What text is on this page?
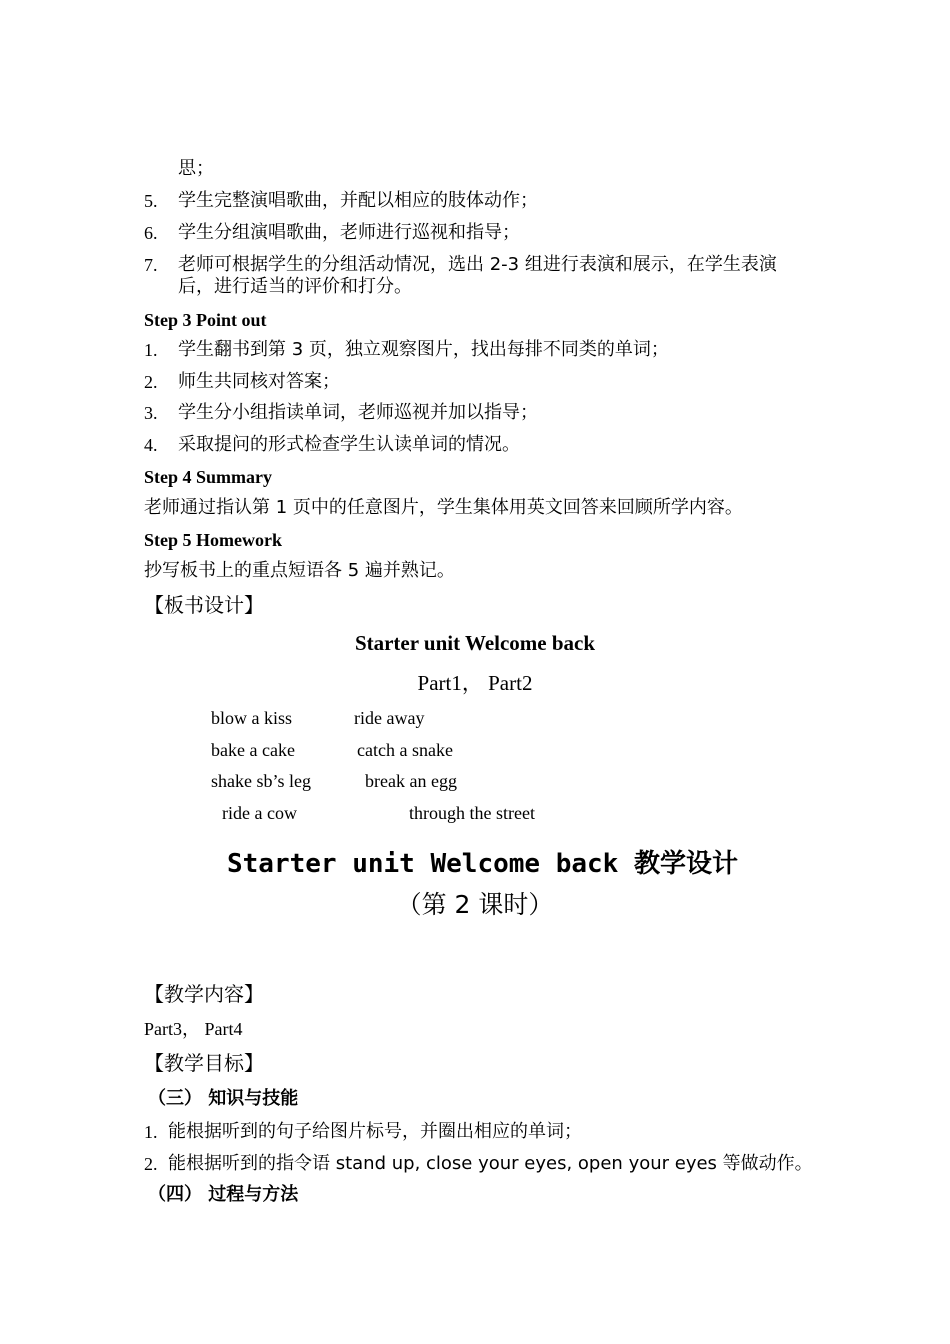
思；
5. 学生完整演唱歌曲，并配以相应的肢体动作；
6. 学生分组演唱歌曲，老师进行巡视和指导；
7. 老师可根据学生的分组活动情况，选出 2-3 组进行表演和展示，在学生表演
后，进行适当的评价和打分。
Step 3 Point out
1. 学生翻书到第 3 页，独立观察图片，找出每排不同类的单词；
2. 师生共同核对答案；
3. 学生分小组指读单词，老师巡视并加以指导；
4. 采取提问的形式检查学生认读单词的情况。
Step 4 Summary
老师通过指认第 1 页中的任意图片，学生集体用英文回答来回顾所学内容。
Step 5 Homework
抄写板书上的重点短语各 5 遍并熟记。
【板书设计】
Starter unit Welcome back
Part1， Part2
blow a kiss	ride away
bake a cake	catch a snake
shake sb’s leg	break an egg
ride a cow	through the street
Starter unit Welcome back 教学设计
（第 2 课时）
【教学内容】
Part3， Part4
【教学目标】
（三） 知识与技能
1. 能根据听到的句子给图片标号，并圈出相应的单词；
2. 能根据听到的指令语 stand up, close your eyes, open your eyes 等做动作。
（四） 过程与方法
